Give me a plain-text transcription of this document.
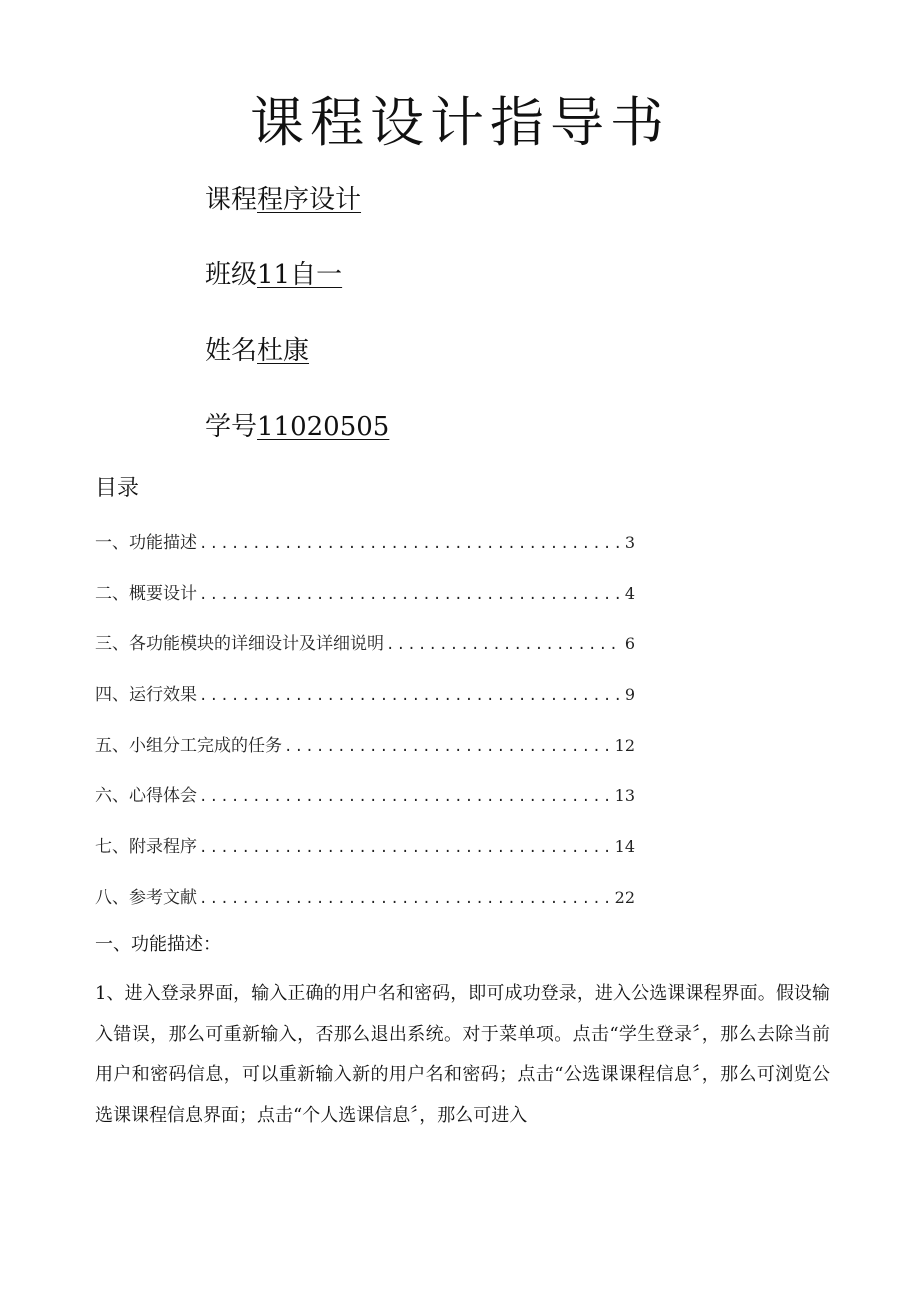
课程设计指导书
课程程序设计
班级11自一
姓名杜康
学号11020505
目录
一、功能描述 .....	3
二、概要设计 .....	4
三、各功能模块的详细设计及详细说明 .....	6
四、运行效果 .....	9
五、小组分工完成的任务 .....	12
六、心得体会 .....	13
七、附录程序 .....	14
八、参考文献 .....	22
一、功能描述：

1、进入登录界面，输入正确的用户名和密码，即可成功登录，进入公选课课程界面。假设输入错误，那么可重新输入，否那么退出系统。对于菜单项。点击“学生登录〞，那么去除当前用户和密码信息，可以重新输入新的用户名和密码；点击“公选课课程信息〞，那么可浏览公选课课程信息界面；点击“个人选课信息〞，那么可进入
